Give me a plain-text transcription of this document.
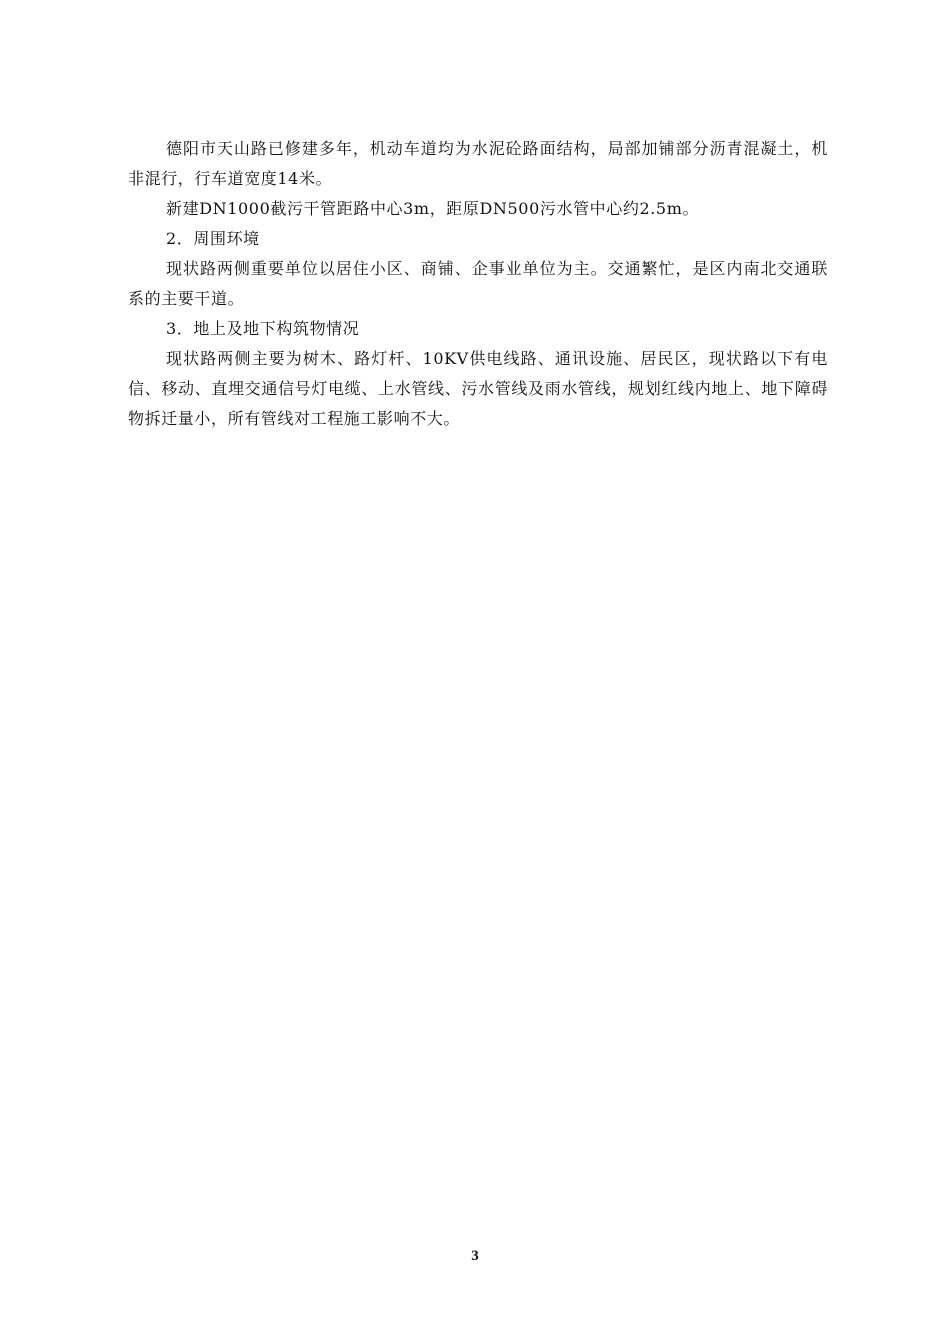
德阳市天山路已修建多年，机动车道均为水泥砼路面结构，局部加铺部分沥青混凝土，机非混行，行车道宽度14米。

新建DN1000截污干管距路中心3m，距原DN500污水管中心约2.5m。

2．周围环境

现状路两侧重要单位以居住小区、商铺、企事业单位为主。交通繁忙，是区内南北交通联系的主要干道。

3．地上及地下构筑物情况

现状路两侧主要为树木、路灯杆、10KV供电线路、通讯设施、居民区，现状路以下有电信、移动、直埋交通信号灯电缆、上水管线、污水管线及雨水管线，规划红线内地上、地下障碍物拆迁量小，所有管线对工程施工影响不大。

3
